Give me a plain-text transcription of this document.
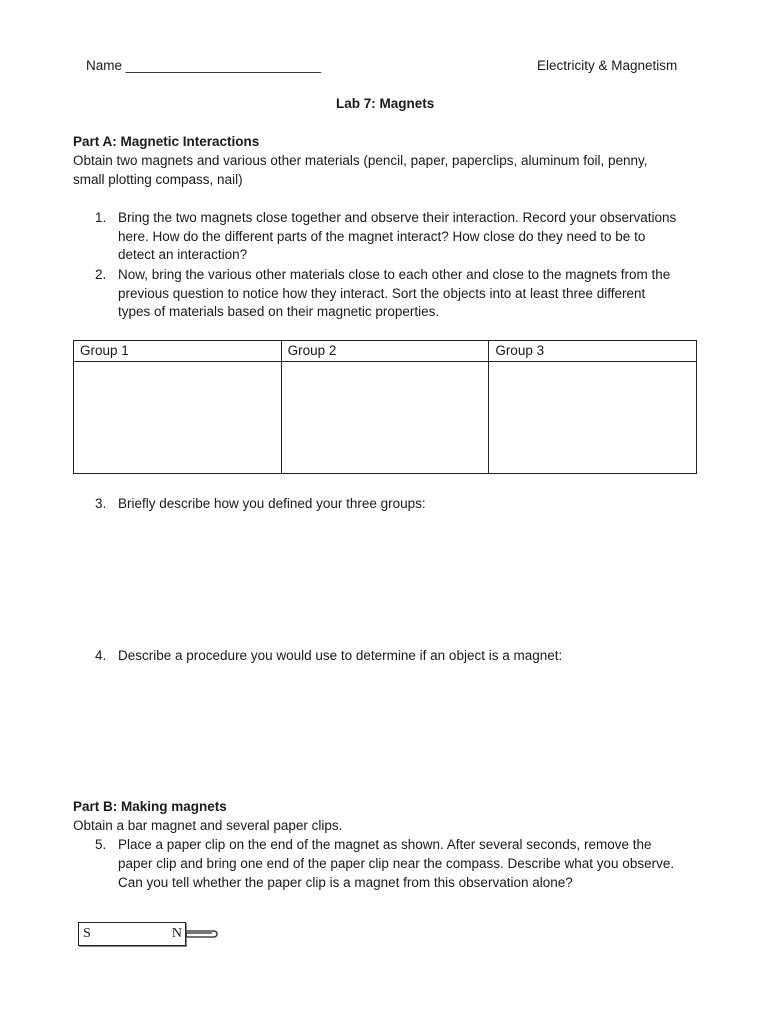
Name __________________________	Electricity & Magnetism
Lab 7: Magnets
Part A: Magnetic Interactions
Obtain two magnets and various other materials (pencil, paper, paperclips, aluminum foil, penny,
small plotting compass, nail)
1. Bring the two magnets close together and observe their interaction. Record your observations
here. How do the different parts of the magnet interact? How close do they need to be to
detect an interaction?
2. Now, bring the various other materials close to each other and close to the magnets from the
previous question to notice how they interact. Sort the objects into at least three different
types of materials based on their magnetic properties.
Group 1	Group 2	Group 3

3. Briefly describe how you defined your three groups:
4. Describe a procedure you would use to determine if an object is a magnet:
Part B: Making magnets
Obtain a bar magnet and several paper clips.
5. Place a paper clip on the end of the magnet as shown. After several seconds, remove the
paper clip and bring one end of the paper clip near the compass. Describe what you observe.
Can you tell whether the paper clip is a magnet from this observation alone?
S	N
